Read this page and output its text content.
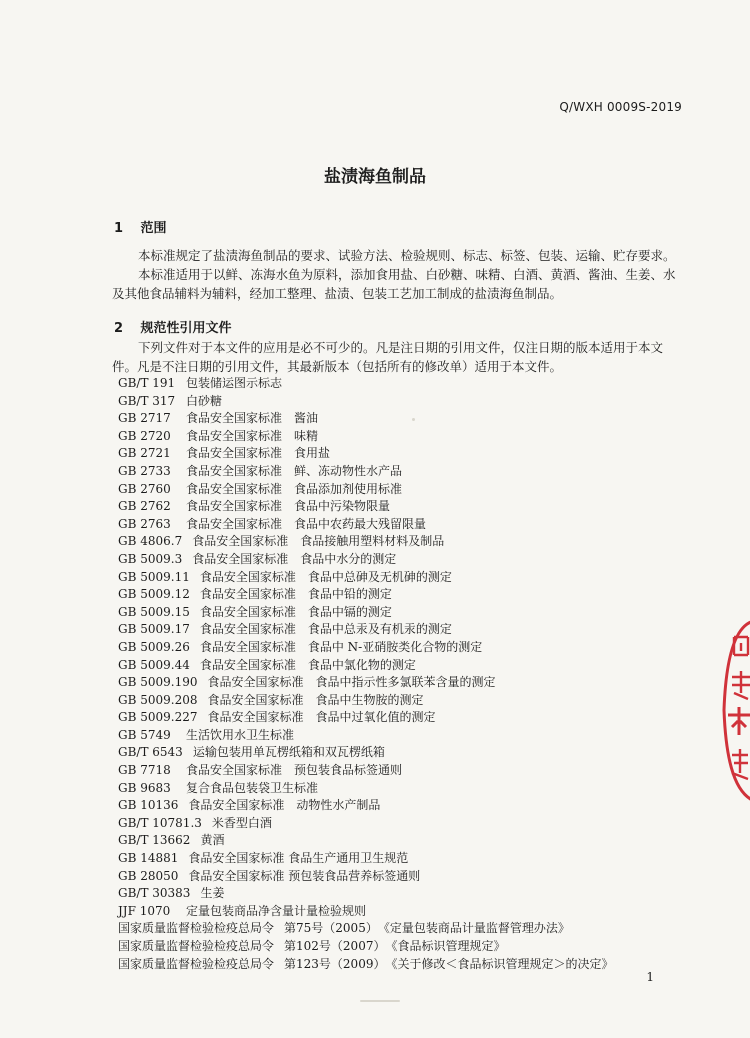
Q/WXH 0009S-2019
盐渍海鱼制品
1 范围

本标准规定了盐渍海鱼制品的要求、试验方法、检验规则、标志、标签、包装、运输、贮存要求。

本标准适用于以鲜、冻海水鱼为原料，添加食用盐、白砂糖、味精、白酒、黄酒、酱油、生姜、水及其他食品辅料为辅料，经加工整理、盐渍、包装工艺加工制成的盐渍海鱼制品。

2 规范性引用文件

下列文件对于本文件的应用是必不可少的。凡是注日期的引用文件，仅注日期的版本适用于本文件。凡是不注日期的引用文件，其最新版本（包括所有的修改单）适用于本文件。

GB/T 191 包装储运图示标志
GB/T 317 白砂糖
GB 2717 食品安全国家标准　酱油
GB 2720 食品安全国家标准　味精
GB 2721 食品安全国家标准　食用盐
GB 2733 食品安全国家标准　鲜、冻动物性水产品
GB 2760 食品安全国家标准　食品添加剂使用标准
GB 2762 食品安全国家标准　食品中污染物限量
GB 2763 食品安全国家标准　食品中农药最大残留限量
GB 4806.7 食品安全国家标准　食品接触用塑料材料及制品
GB 5009.3 食品安全国家标准　食品中水分的测定
GB 5009.11 食品安全国家标准　食品中总砷及无机砷的测定
GB 5009.12 食品安全国家标准　食品中铅的测定
GB 5009.15 食品安全国家标准　食品中镉的测定
GB 5009.17 食品安全国家标准　食品中总汞及有机汞的测定
GB 5009.26 食品安全国家标准　食品中 N-亚硝胺类化合物的测定
GB 5009.44 食品安全国家标准　食品中氯化物的测定
GB 5009.190 食品安全国家标准　食品中指示性多氯联苯含量的测定
GB 5009.208 食品安全国家标准　食品中生物胺的测定
GB 5009.227 食品安全国家标准　食品中过氧化值的测定
GB 5749 生活饮用水卫生标准
GB/T 6543 运输包装用单瓦楞纸箱和双瓦楞纸箱
GB 7718 食品安全国家标准　预包装食品标签通则
GB 9683 复合食品包装袋卫生标准
GB 10136 食品安全国家标准　动物性水产制品
GB/T 10781.3 米香型白酒
GB/T 13662 黄酒
GB 14881 食品安全国家标准 食品生产通用卫生规范
GB 28050 食品安全国家标准 预包装食品营养标签通则
GB/T 30383 生姜
JJF 1070 定量包装商品净含量计量检验规则
国家质量监督检验检疫总局令 第75号（2005）　《定量包装商品计量监督管理办法》
国家质量监督检验检疫总局令 第102号（2007）　《食品标识管理规定》
国家质量监督检验检疫总局令 第123号（2009）　《关于修改＜食品标识管理规定＞的决定》
1
